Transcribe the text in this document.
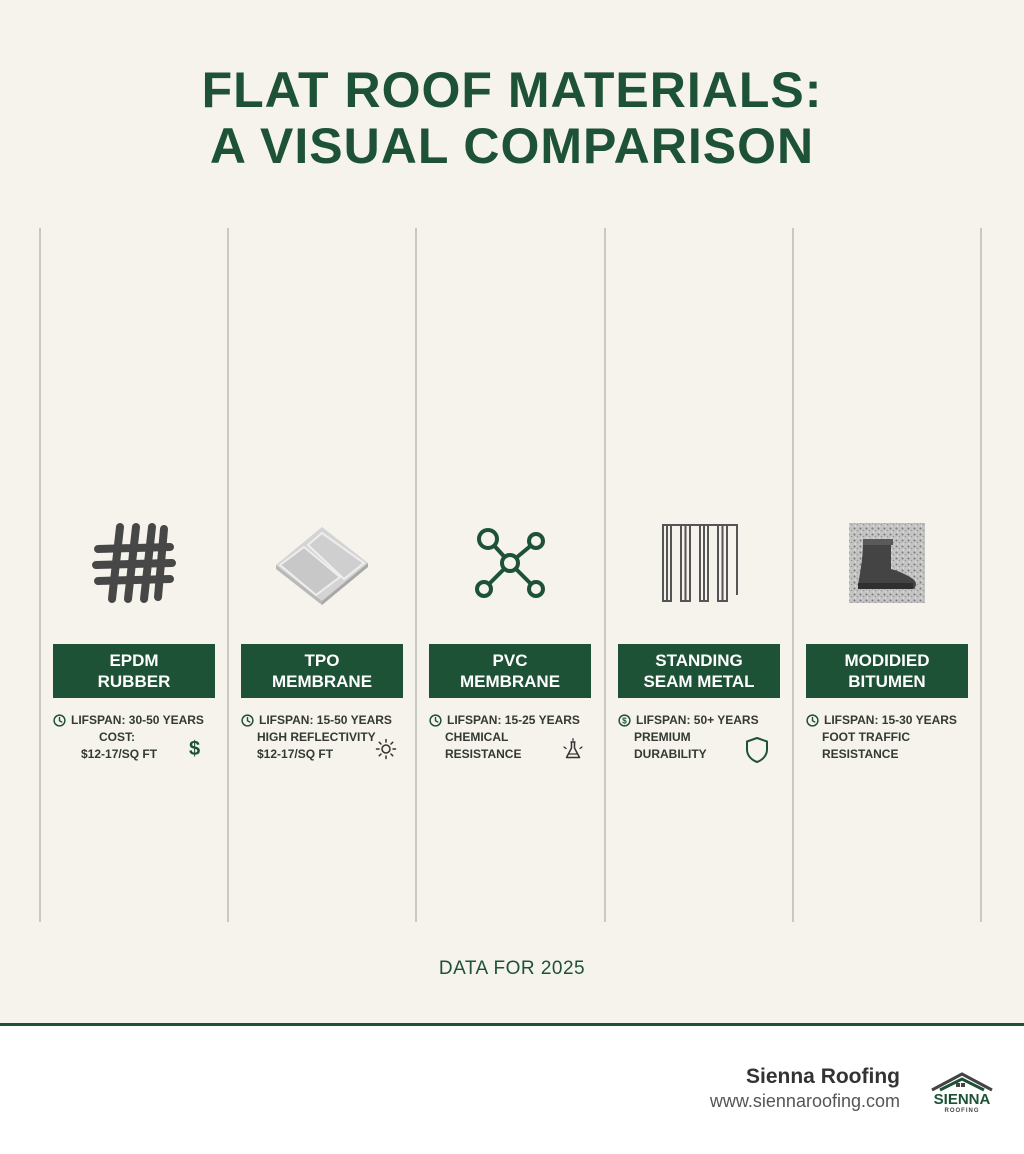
FLAT ROOF MATERIALS:
A VISUAL COMPARISON
EPDM
RUBBER
LIFSPAN: 30-50 YEARS
COST:
$12-17/SQ FT $
TPO
MEMBRANE
LIFSPAN: 15-50 YEARS
HIGH REFLECTIVITY
$12-17/SQ FT
PVC
MEMBRANE
LIFSPAN: 15-25 YEARS
CHEMICAL
RESISTANCE
STANDING
SEAM METAL
$ LIFSPAN: 50+ YEARS
PREMIUM
DURABILITY
MODIDIED
BITUMEN
LIFSPAN: 15-30 YEARS
FOOT TRAFFIC
RESISTANCE
DATA FOR 2025
Sienna Roofing
www.siennaroofing.com SIENNA
ROOFING
